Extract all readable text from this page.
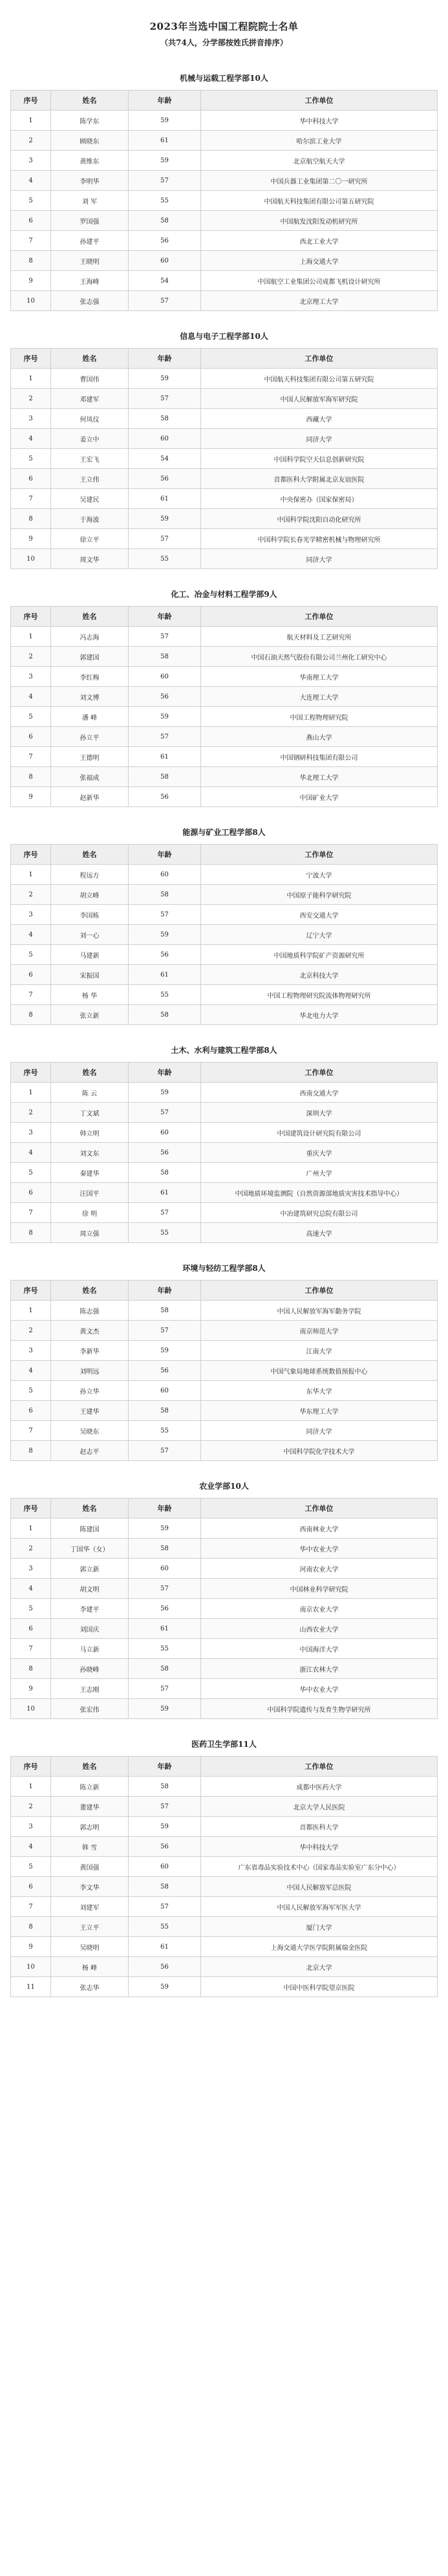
2023年当选中国工程院院士名单
（共74人，分学部按姓氏拼音排序）
机械与运载工程学部10人
序号	姓名	年龄	工作单位
1	陈学东	59	华中科技大学
2	顾晓东	61	哈尔滨工业大学
3	黄维东	59	北京航空航天大学
4	李明华	57	中国兵器工业集团第二〇一研究所
5	刘 军	55	中国航天科技集团有限公司第五研究院
6	罗国强	58	中国航发沈阳发动机研究所
7	孙建平	56	西北工业大学
8	王晓明	60	上海交通大学
9	王海峰	54	中国航空工业集团公司成都飞机设计研究所
10	张志强	57	北京理工大学
信息与电子工程学部10人
序号	姓名	年龄	工作单位
1	曹国伟	59	中国航天科技集团有限公司第五研究院
2	邓建军	57	中国人民解放军海军研究院
3	何凤仪	58	西藏大学
4	姜立中	60	同济大学
5	王宏飞	54	中国科学院空天信息创新研究院
6	王立伟	56	首都医科大学附属北京友谊医院
7	吴建民	61	中央保密办（国家保密局）
8	于海波	59	中国科学院沈阳自动化研究所
9	徐立平	57	中国科学院长春光学精密机械与物理研究所
10	周文华	55	同济大学
化工、冶金与材料工程学部9人
序号	姓名	年龄	工作单位
1	冯志海	57	航天材料及工艺研究所
2	郭建国	58	中国石油天然气股份有限公司兰州化工研究中心
3	李红梅	60	华南理工大学
4	刘文博	56	大连理工大学
5	潘 峰	59	中国工程物理研究院
6	孙立平	57	燕山大学
7	王德明	61	中国钢研科技集团有限公司
8	张福成	58	华北理工大学
9	赵新华	56	中国矿业大学
能源与矿业工程学部8人
序号	姓名	年龄	工作单位
1	程远方	60	宁波大学
2	胡立峰	58	中国原子能科学研究院
3	李国栋	57	西安交通大学
4	刘一心	59	辽宁大学
5	马建新	56	中国地质科学院矿产资源研究所
6	宋振国	61	北京科技大学
7	杨 华	55	中国工程物理研究院流体物理研究所
8	张立新	58	华北电力大学
土木、水利与建筑工程学部8人
序号	姓名	年龄	工作单位
1	陈 云	59	西南交通大学
2	丁文斌	57	深圳大学
3	韩立明	60	中国建筑设计研究院有限公司
4	刘文东	56	重庆大学
5	秦建华	58	广州大学
6	汪国平	61	中国地质环境监测院（自然资源部地质灾害技术指导中心）
7	徐 明	57	中冶建筑研究总院有限公司
8	周立强	55	高速大学
环境与轻纺工程学部8人
序号	姓名	年龄	工作单位
1	陈志强	58	中国人民解放军海军勤务学院
2	黄文杰	57	南京师范大学
3	李新华	59	江南大学
4	刘明远	56	中国气象局地球系统数值预报中心
5	孙立华	60	东华大学
6	王建华	58	华东理工大学
7	吴晓东	55	同济大学
8	赵志平	57	中国科学院化学技术大学
农业学部10人
序号	姓名	年龄	工作单位
1	陈建国	59	西南林业大学
2	丁国华（女）	58	华中农业大学
3	郭立新	60	河南农业大学
4	胡文明	57	中国林业科学研究院
5	李建平	56	南京农业大学
6	刘国庆	61	山西农业大学
7	马立新	55	中国海洋大学
8	孙晓峰	58	浙江农林大学
9	王志刚	57	华中农业大学
10	张宏伟	59	中国科学院遗传与发育生物学研究所
医药卫生学部11人
序号	姓名	年龄	工作单位
1	陈立新	58	成都中医药大学
2	董建华	57	北京大学人民医院
3	郭志明	59	首都医科大学
4	韩 雪	56	华中科技大学
5	黄国强	60	广东省毒品实验技术中心（国家毒品实验室广东分中心）
6	李文华	58	中国人民解放军总医院
7	刘建军	57	中国人民解放军海军军医大学
8	王立平	55	厦门大学
9	吴晓明	61	上海交通大学医学院附属瑞金医院
10	杨 峰	56	北京大学
11	张志华	59	中国中医科学院望京医院
